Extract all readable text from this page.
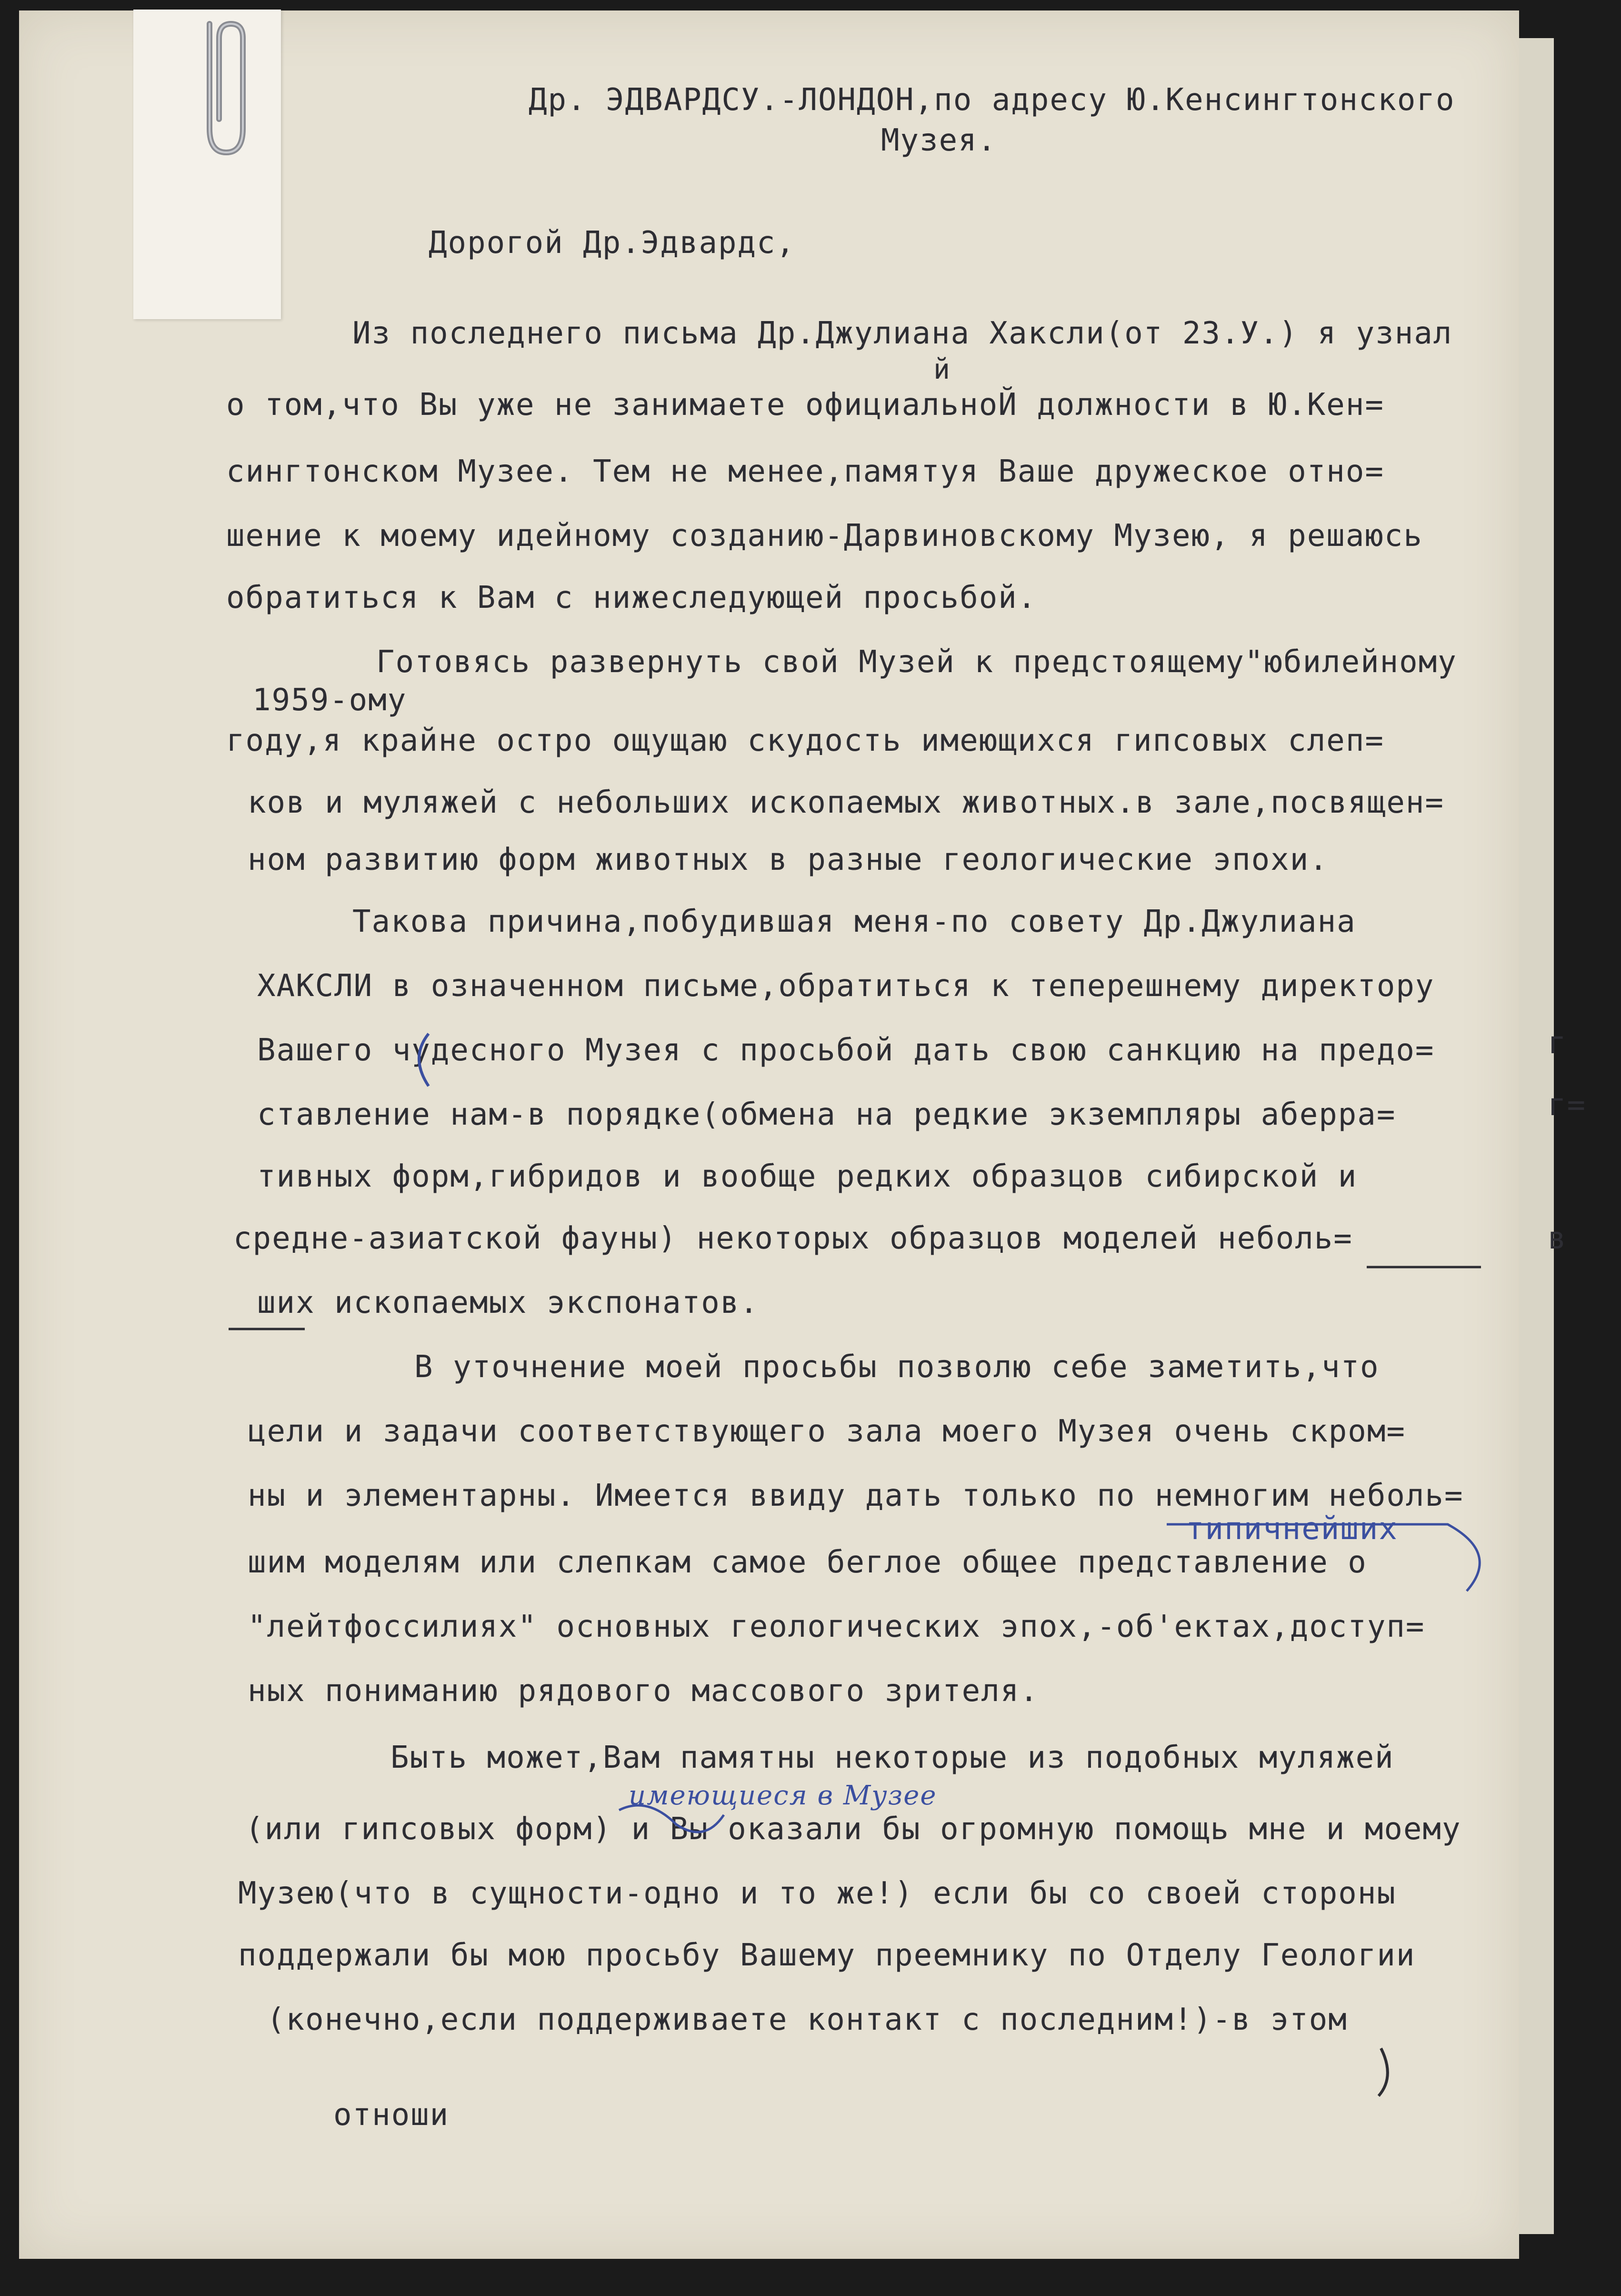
Др. ЭДВАРДСУ.-ЛОНДОН,по адресу Ю.Кенсингтонского
Музея.
Дорогой Др.Эдвардс,
Из последнего письма Др.Джулиана Хаксли(от 23.У.) я узнал
й
о том,что Вы уже не занимаете официальноЙ должности в Ю.Кен=
сингтонском Музее. Тем не менее,памятуя Ваше дружеское отно=
шение к моему идейному созданию-Дарвиновскому Музею, я решаюсь
обратиться к Вам с нижеследующей просьбой.
Готовясь развернуть свой Музей к предстоящему"юбилейному
1959-ому
году,я крайне остро ощущаю скудость имеющихся гипсовых слеп=
ков и муляжей с небольших ископаемых животных.в зале,посвящен=
ном развитию форм животных в разные геологические эпохи.
Такова причина,побудившая меня-по совету Др.Джулиана
ХАКСЛИ в означенном письме,обратиться к теперешнему директору
Вашего чудесного Музея с просьбой дать свою санкцию на предо=
ставление нам-в порядке(обмена на редкие экземпляры аберра=
тивных форм,гибридов и вообще редких образцов сибирской и
средне-азиатской фауны) некоторых образцов моделей неболь=
ших ископаемых экспонатов.
В уточнение моей просьбы позволю себе заметить,что
цели и задачи соответствующего зала моего Музея очень скром=
ны и элементарны. Имеется ввиду дать только по немногим неболь=
типичнейших
шим моделям или слепкам самое беглое общее представление о
"лейтфоссилиях" основных геологических эпох,-об'ектах,доступ=
ных пониманию рядового массового зрителя.
Быть может,Вам памятны некоторые из подобных муляжей
имеющиеся в Музее
(или гипсовых форм) и Вы оказали бы огромную помощь мне и моему
Музею(что в сущности-одно и то же!) если бы со своей стороны
поддержали бы мою просьбу Вашему преемнику по Отделу Геологии
(конечно,если поддерживаете контакт с последним!)-в этом
отноши
г
г=
в
